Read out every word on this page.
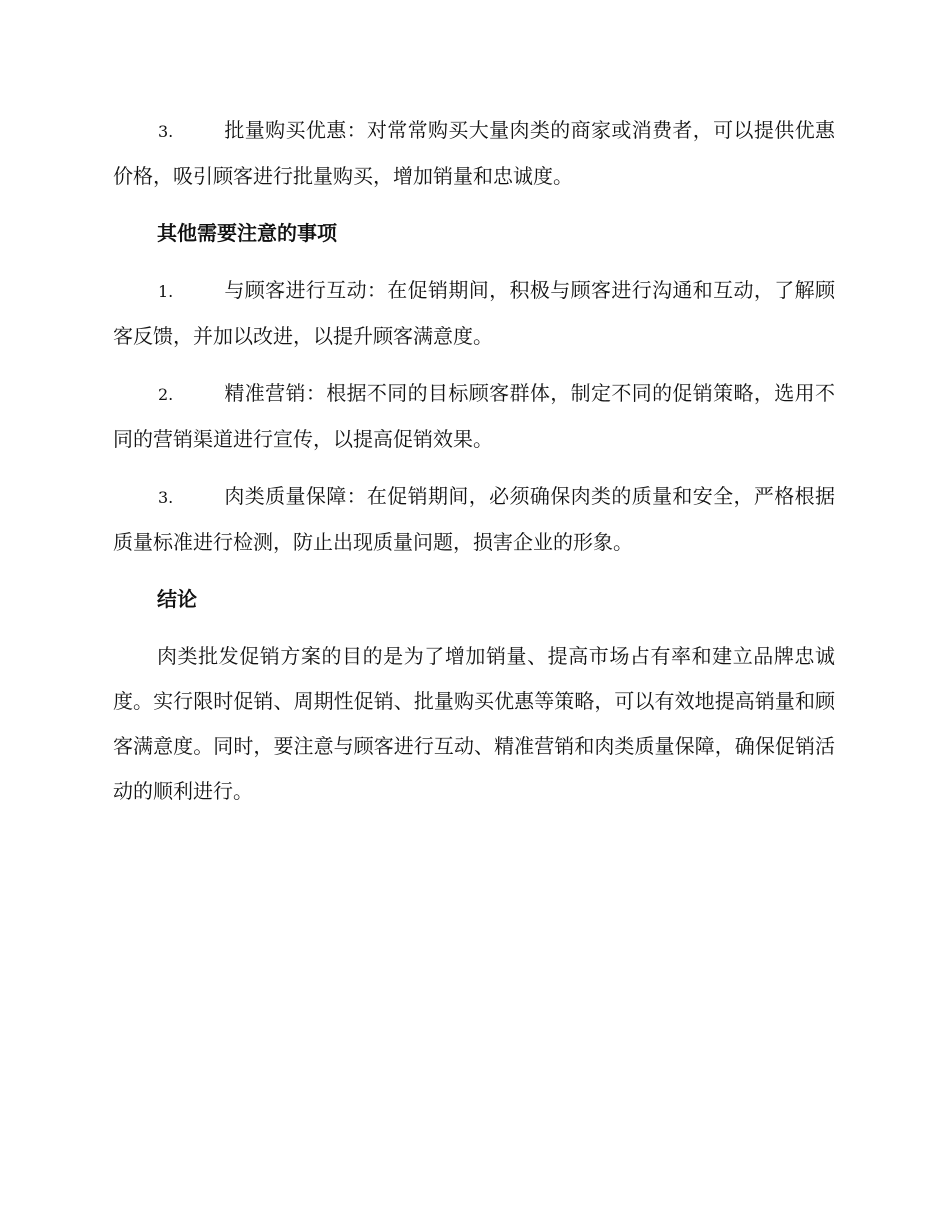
3.	批量购买优惠：对常常购买大量肉类的商家或消费者，可以提供优惠价格，吸引顾客进行批量购买，增加销量和忠诚度。

其他需要注意的事项

1.	与顾客进行互动：在促销期间，积极与顾客进行沟通和互动，了解顾客反馈，并加以改进，以提升顾客满意度。

2.	精准营销：根据不同的目标顾客群体，制定不同的促销策略，选用不同的营销渠道进行宣传，以提高促销效果。

3.	肉类质量保障：在促销期间，必须确保肉类的质量和安全，严格根据质量标准进行检测，防止出现质量问题，损害企业的形象。

结论

肉类批发促销方案的目的是为了增加销量、提高市场占有率和建立品牌忠诚度。实行限时促销、周期性促销、批量购买优惠等策略，可以有效地提高销量和顾客满意度。同时，要注意与顾客进行互动、精准营销和肉类质量保障，确保促销活动的顺利进行。
